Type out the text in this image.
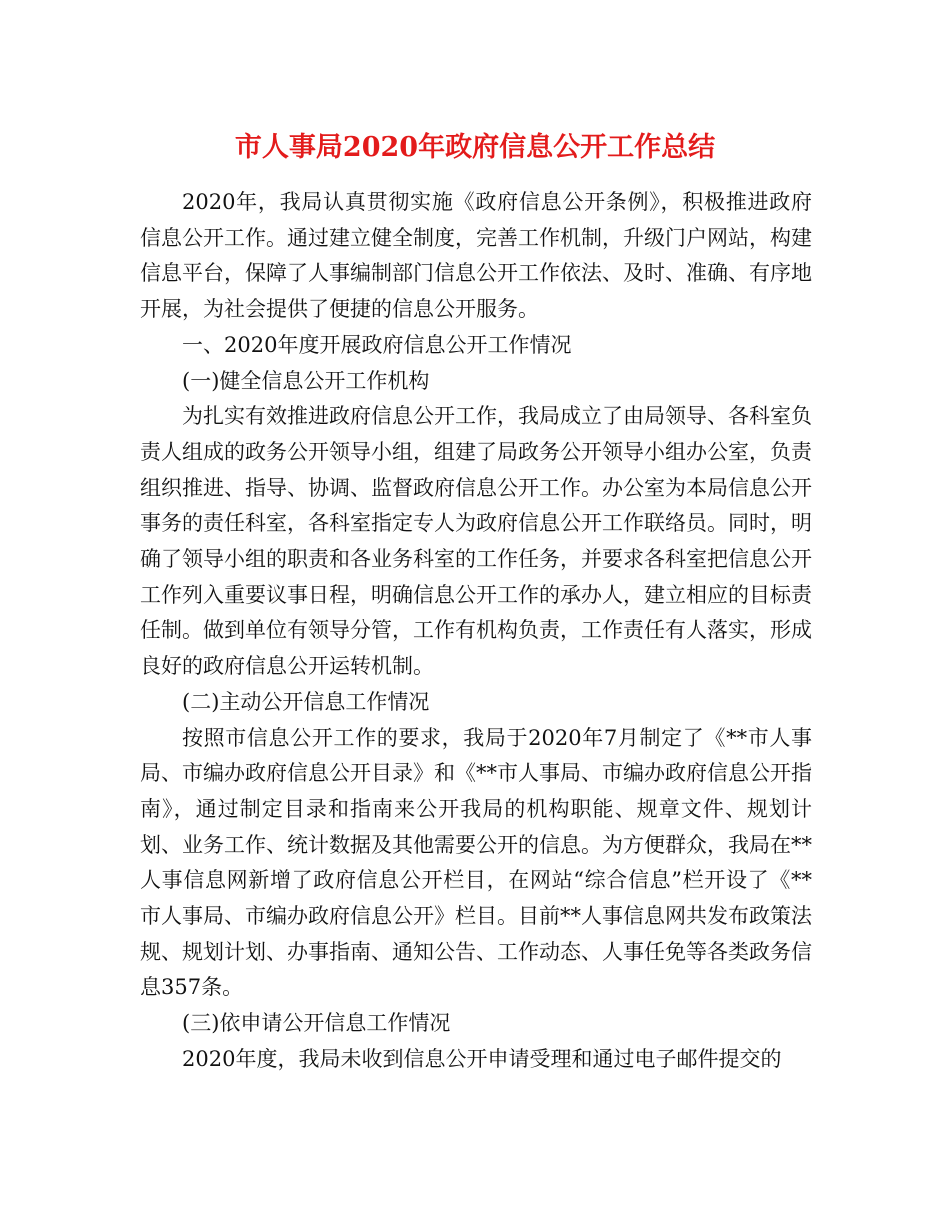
市人事局2020年政府信息公开工作总结

2020年，我局认真贯彻实施《政府信息公开条例》，积极推进政府信息公开工作。通过建立健全制度，完善工作机制，升级门户网站，构建信息平台，保障了人事编制部门信息公开工作依法、及时、准确、有序地开展，为社会提供了便捷的信息公开服务。

一、2020年度开展政府信息公开工作情况

(一)健全信息公开工作机构

为扎实有效推进政府信息公开工作，我局成立了由局领导、各科室负责人组成的政务公开领导小组，组建了局政务公开领导小组办公室，负责组织推进、指导、协调、监督政府信息公开工作。办公室为本局信息公开事务的责任科室，各科室指定专人为政府信息公开工作联络员。同时，明确了领导小组的职责和各业务科室的工作任务，并要求各科室把信息公开工作列入重要议事日程，明确信息公开工作的承办人，建立相应的目标责任制。做到单位有领导分管，工作有机构负责，工作责任有人落实，形成良好的政府信息公开运转机制。

(二)主动公开信息工作情况

按照市信息公开工作的要求，我局于2020年7月制定了《**市人事局、市编办政府信息公开目录》和《**市人事局、市编办政府信息公开指南》，通过制定目录和指南来公开我局的机构职能、规章文件、规划计划、业务工作、统计数据及其他需要公开的信息。为方便群众，我局在**人事信息网新增了政府信息公开栏目，在网站“综合信息”栏开设了《**市人事局、市编办政府信息公开》栏目。目前**人事信息网共发布政策法规、规划计划、办事指南、通知公告、工作动态、人事任免等各类政务信息357条。

(三)依申请公开信息工作情况

2020年度，我局未收到信息公开申请受理和通过电子邮件提交的
